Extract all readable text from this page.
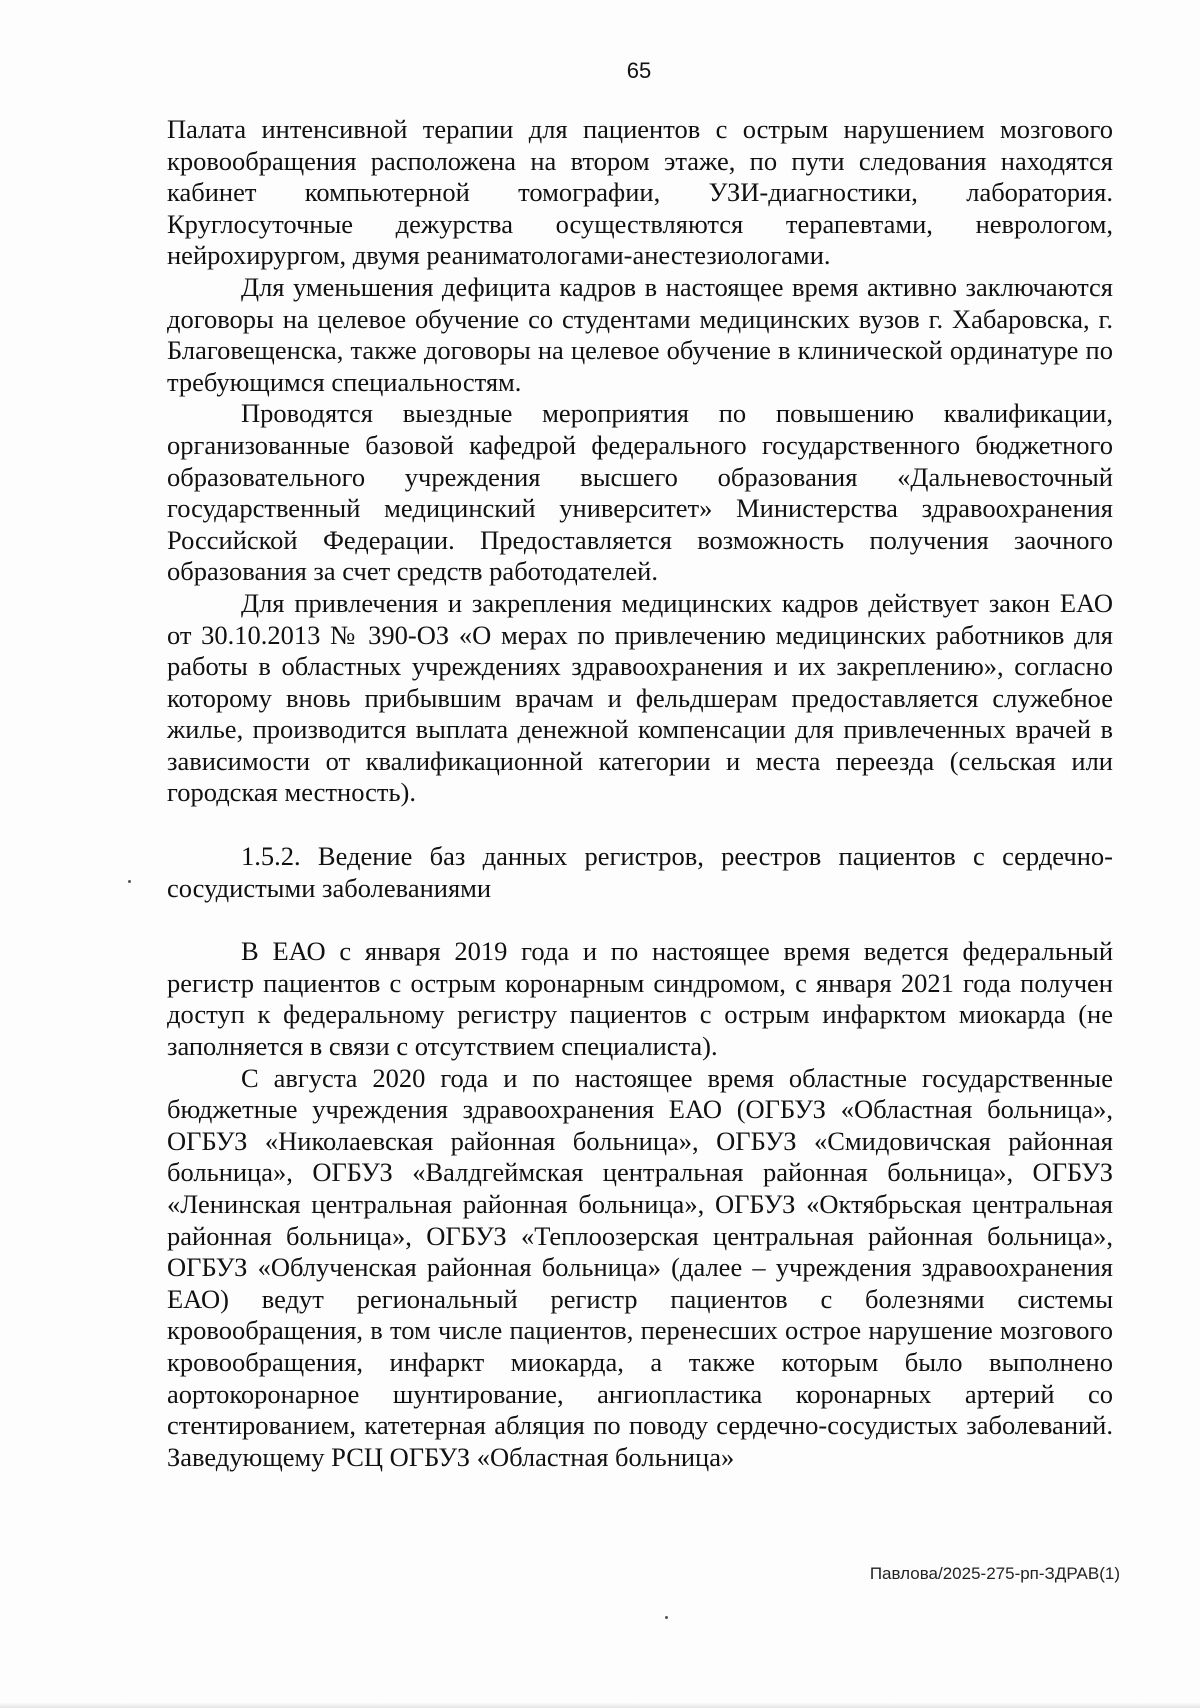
65

Палата интенсивной терапии для пациентов с острым нарушением мозгового кровообращения расположена на втором этаже, по пути следования находятся кабинет компьютерной томографии, УЗИ-диагностики, лаборатория. Круглосуточные дежурства осуществляются терапевтами, неврологом, нейрохирургом, двумя реаниматологами-анестезиологами.

Для уменьшения дефицита кадров в настоящее время активно заключаются договоры на целевое обучение со студентами медицинских вузов г. Хабаровска, г. Благовещенска, также договоры на целевое обучение в клинической ординатуре по требующимся специальностям.

Проводятся выездные мероприятия по повышению квалификации, организованные базовой кафедрой федерального государственного бюджетного образовательного учреждения высшего образования «Дальневосточный государственный медицинский университет» Министерства здравоохранения Российской Федерации. Предоставляется возможность получения заочного образования за счет средств работодателей.

Для привлечения и закрепления медицинских кадров действует закон ЕАО от 30.10.2013 № 390-ОЗ «О мерах по привлечению медицинских работников для работы в областных учреждениях здравоохранения и их закреплению», согласно которому вновь прибывшим врачам и фельдшерам предоставляется служебное жилье, производится выплата денежной компенсации для привлеченных врачей в зависимости от квалификационной категории и места переезда (сельская или городская местность).

1.5.2. Ведение баз данных регистров, реестров пациентов с сердечно-сосудистыми заболеваниями

В ЕАО с января 2019 года и по настоящее время ведется федеральный регистр пациентов с острым коронарным синдромом, с января 2021 года получен доступ к федеральному регистру пациентов с острым инфарктом миокарда (не заполняется в связи с отсутствием специалиста).

С августа 2020 года и по настоящее время областные государственные бюджетные учреждения здравоохранения ЕАО (ОГБУЗ «Областная больница», ОГБУЗ «Николаевская районная больница», ОГБУЗ «Смидовичская районная больница», ОГБУЗ «Валдгеймская центральная районная больница», ОГБУЗ «Ленинская центральная районная больница», ОГБУЗ «Октябрьская центральная районная больница», ОГБУЗ «Теплоозерская центральная районная больница», ОГБУЗ «Облученская районная больница» (далее – учреждения здравоохранения ЕАО) ведут региональный регистр пациентов с болезнями системы кровообращения, в том числе пациентов, перенесших острое нарушение мозгового кровообращения, инфаркт миокарда, а также которым было выполнено аортокоронарное шунтирование, ангиопластика коронарных артерий со стентированием, катетерная абляция по поводу сердечно-сосудистых заболеваний. Заведующему РСЦ ОГБУЗ «Областная больница»

Павлова/2025-275-рп-ЗДРАВ(1)
